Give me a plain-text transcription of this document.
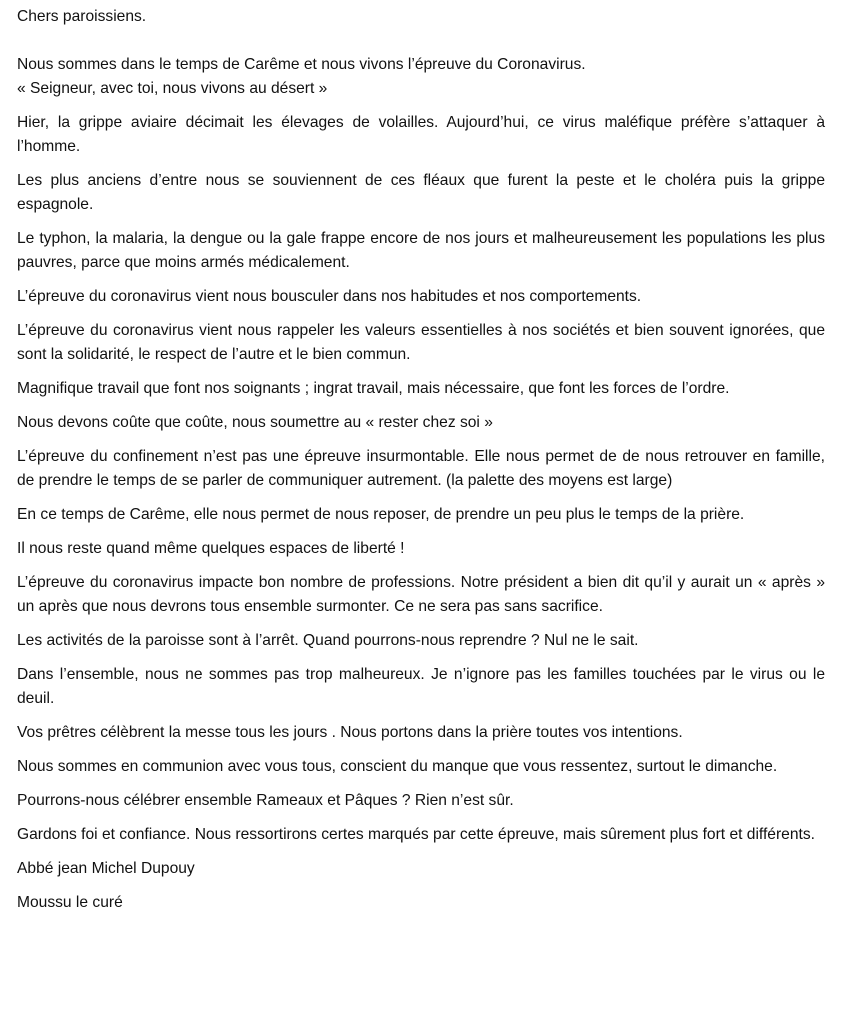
Chers paroissiens.

Nous sommes dans le temps de Carême et nous vivons l’épreuve du Coronavirus.
« Seigneur, avec toi, nous vivons au désert »

Hier, la grippe aviaire décimait les élevages de volailles. Aujourd’hui, ce virus maléfique préfère s’attaquer à l’homme.

Les plus anciens d’entre nous se souviennent de ces fléaux que furent la peste et le choléra puis la grippe espagnole.

Le typhon, la malaria, la dengue ou la gale frappe encore de nos jours et malheureusement les populations les plus pauvres, parce que moins armés médicalement.

L’épreuve du coronavirus vient nous bousculer dans nos habitudes et nos comportements.

L’épreuve du coronavirus vient nous rappeler les valeurs essentielles à nos sociétés et bien souvent ignorées, que sont la solidarité, le respect de l’autre et le bien commun.

Magnifique travail que font nos soignants ; ingrat travail, mais nécessaire, que font les forces de l’ordre.

Nous devons coûte que coûte, nous soumettre au « rester chez soi »

L’épreuve du confinement n’est pas une épreuve insurmontable. Elle nous permet de de nous retrouver en famille, de prendre le temps de se parler de communiquer autrement. (la palette des moyens est large)

En ce temps de Carême, elle nous permet de nous reposer, de prendre un peu plus le temps de la prière.

Il nous reste quand même quelques espaces de liberté !

L’épreuve du coronavirus impacte bon nombre de professions. Notre président a bien dit qu’il y aurait un « après » un après que nous devrons tous ensemble surmonter. Ce ne sera pas sans sacrifice.

Les activités de la paroisse sont à l’arrêt. Quand pourrons-nous reprendre ? Nul ne le sait.

Dans l’ensemble, nous ne sommes pas trop malheureux. Je n’ignore pas les familles touchées par le virus ou le deuil.

Vos prêtres célèbrent la messe tous les jours . Nous portons dans la prière toutes vos intentions.

Nous sommes en communion avec vous tous, conscient du manque que vous ressentez, surtout le dimanche.

Pourrons-nous célébrer ensemble Rameaux et Pâques ? Rien n’est sûr.

Gardons foi et confiance. Nous ressortirons certes marqués par cette épreuve, mais sûrement plus fort et différents.

Abbé jean Michel Dupouy

Moussu le curé
